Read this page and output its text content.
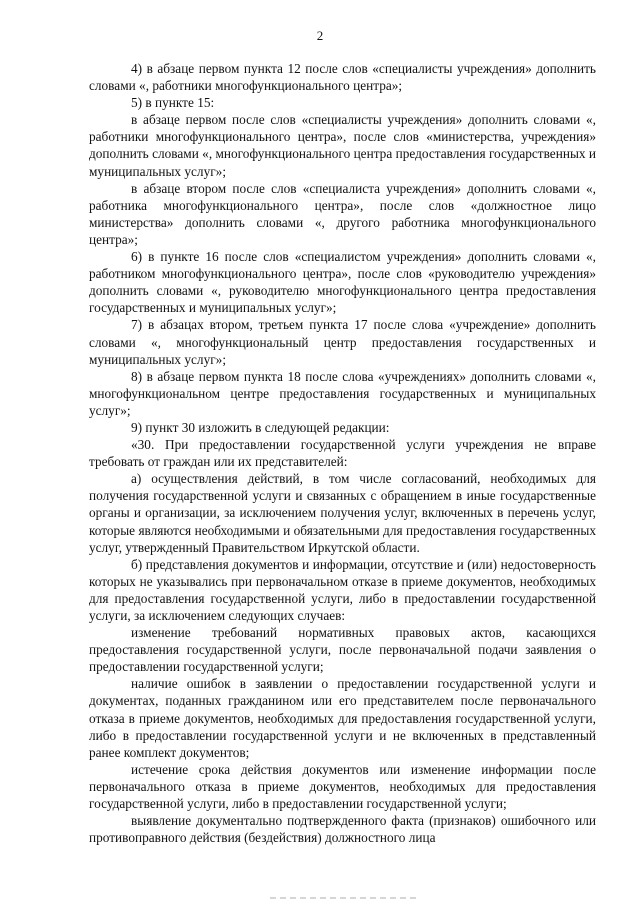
2

4) в абзаце первом пункта 12 после слов «специалисты учреждения» дополнить словами «, работники многофункционального центра»;

5) в пункте 15:

в абзаце первом после слов «специалисты учреждения» дополнить словами «, работники многофункционального центра», после слов «министерства, учреждения» дополнить словами «, многофункционального центра предоставления государственных и муниципальных услуг»;

в абзаце втором после слов «специалиста учреждения» дополнить словами «, работника многофункционального центра», после слов «должностное лицо министерства» дополнить словами «, другого работника многофункционального центра»;

6) в пункте 16 после слов «специалистом учреждения» дополнить словами «, работником многофункционального центра», после слов «руководителю учреждения» дополнить словами «, руководителю многофункционального центра предоставления государственных и муниципальных услуг»;

7) в абзацах втором, третьем пункта 17 после слова «учреждение» дополнить словами «, многофункциональный центр предоставления государственных и муниципальных услуг»;

8) в абзаце первом пункта 18 после слова «учреждениях» дополнить словами «, многофункциональном центре предоставления государственных и муниципальных услуг»;

9) пункт 30 изложить в следующей редакции:

«30. При предоставлении государственной услуги учреждения не вправе требовать от граждан или их представителей:

а) осуществления действий, в том числе согласований, необходимых для получения государственной услуги и связанных с обращением в иные государственные органы и организации, за исключением получения услуг, включенных в перечень услуг, которые являются необходимыми и обязательными для предоставления государственных услуг, утвержденный Правительством Иркутской области.

б) представления документов и информации, отсутствие и (или) недостоверность которых не указывались при первоначальном отказе в приеме документов, необходимых для предоставления государственной услуги, либо в предоставлении государственной услуги, за исключением следующих случаев:

изменение требований нормативных правовых актов, касающихся предоставления государственной услуги, после первоначальной подачи заявления о предоставлении государственной услуги;

наличие ошибок в заявлении о предоставлении государственной услуги и документах, поданных гражданином или его представителем после первоначального отказа в приеме документов, необходимых для предоставления государственной услуги, либо в предоставлении государственной услуги и не включенных в представленный ранее комплект документов;

истечение срока действия документов или изменение информации после первоначального отказа в приеме документов, необходимых для предоставления государственной услуги, либо в предоставлении государственной услуги;

выявление документально подтвержденного факта (признаков) ошибочного или противоправного действия (бездействия) должностного лица
